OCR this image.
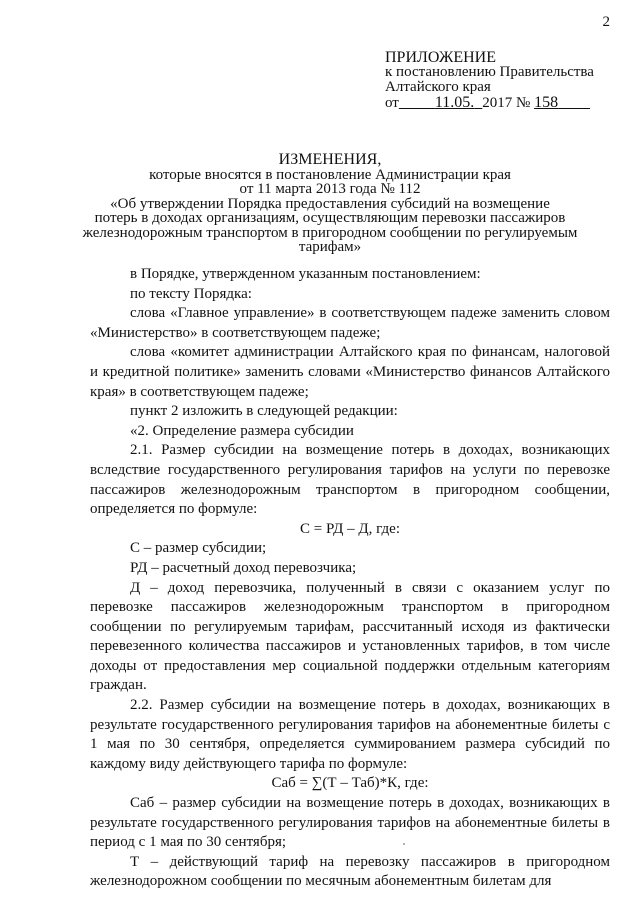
2
ПРИЛОЖЕНИЕ
к постановлению Правительства
Алтайского края
от 11.05. 2017 № 158
ИЗМЕНЕНИЯ,
которые вносятся в постановление Администрации края
от 11 марта 2013 года № 112
«Об утверждении Порядка предоставления субсидий на возмещение
потерь в доходах организациям, осуществляющим перевозки пассажиров
железнодорожным транспортом в пригородном сообщении по регулируемым
тарифам»

в Порядке, утвержденном указанным постановлением:

по тексту Порядка:

слова «Главное управление» в соответствующем падеже заменить словом «Министерство» в соответствующем падеже;

слова «комитет администрации Алтайского края по финансам, налоговой и кредитной политике» заменить словами «Министерство финансов Алтайского края» в соответствующем падеже;

пункт 2 изложить в следующей редакции:

«2. Определение размера субсидии

2.1. Размер субсидии на возмещение потерь в доходах, возникающих вследствие государственного регулирования тарифов на услуги по перевозке пассажиров железнодорожным транспортом в пригородном сообщении, определяется по формуле:

С = РД – Д, где:

С – размер субсидии;

РД – расчетный доход перевозчика;

Д – доход перевозчика, полученный в связи с оказанием услуг по перевозке пассажиров железнодорожным транспортом в пригородном сообщении по регулируемым тарифам, рассчитанный исходя из фактически перевезенного количества пассажиров и установленных тарифов, в том числе доходы от предоставления мер социальной поддержки отдельным категориям граждан.

2.2. Размер субсидии на возмещение потерь в доходах, возникающих в результате государственного регулирования тарифов на абонементные билеты с 1 мая по 30 сентября, определяется суммированием размера субсидий по каждому виду действующего тарифа по формуле:

Саб = ∑(Т – Таб)*К, где:

Саб – размер субсидии на возмещение потерь в доходах, возникающих в результате государственного регулирования тарифов на абонементные билеты в период с 1 мая по 30 сентября;

Т – действующий тариф на перевозку пассажиров в пригородном железнодорожном сообщении по месячным абонементным билетам для
